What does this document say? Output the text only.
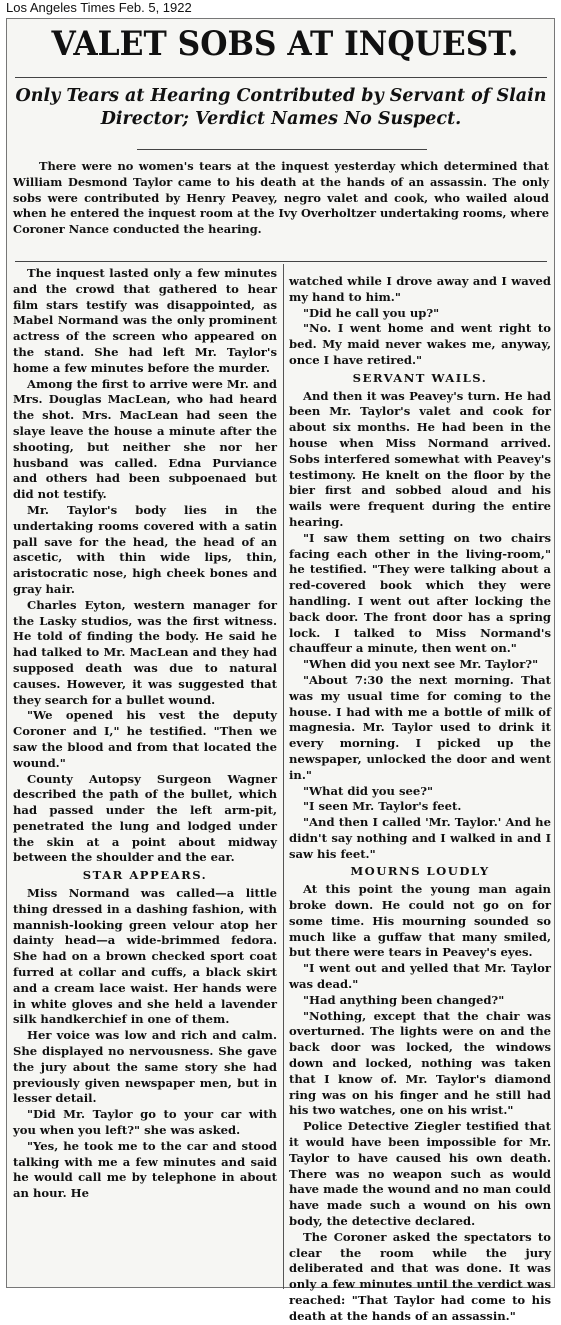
Los Angeles Times Feb. 5, 1922
VALET SOBS AT INQUEST.
Only Tears at Hearing Contributed by Servant of Slain Director; Verdict Names No Suspect.
There were no women's tears at the inquest yesterday which determined that William Desmond Taylor came to his death at the hands of an assassin. The only sobs were contributed by Henry Peavey, negro valet and cook, who wailed aloud when he entered the inquest room at the Ivy Overholtzer undertaking rooms, where Coroner Nance conducted the hearing.

The inquest lasted only a few minutes and the crowd that gathered to hear film stars testify was disappointed, as Mabel Normand was the only prominent actress of the screen who appeared on the stand. She had left Mr. Taylor's home a few minutes before the murder.

Among the first to arrive were Mr. and Mrs. Douglas MacLean, who had heard the shot. Mrs. MacLean had seen the slaye leave the house a minute after the shooting, but neither she nor her husband was called. Edna Purviance and others had been subpoenaed but did not testify.

Mr. Taylor's body lies in the undertaking rooms covered with a satin pall save for the head, the head of an ascetic, with thin wide lips, thin, aristocratic nose, high cheek bones and gray hair.

Charles Eyton, western manager for the Lasky studios, was the first witness. He told of finding the body. He said he had talked to Mr. MacLean and they had supposed death was due to natural causes. However, it was suggested that they search for a bullet wound.

"We opened his vest the deputy Coroner and I," he testified. "Then we saw the blood and from that located the wound."

County Autopsy Surgeon Wagner described the path of the bullet, which had passed under the left arm-pit, penetrated the lung and lodged under the skin at a point about midway between the shoulder and the ear.

STAR APPEARS.

Miss Normand was called—a little thing dressed in a dashing fashion, with mannish-looking green velour atop her dainty head—a wide-brimmed fedora. She had on a brown checked sport coat furred at collar and cuffs, a black skirt and a cream lace waist. Her hands were in white gloves and she held a lavender silk handkerchief in one of them.

Her voice was low and rich and calm. She displayed no nervousness. She gave the jury about the same story she had previously given newspaper men, but in lesser detail.

"Did Mr. Taylor go to your car with you when you left?" she was asked.

"Yes, he took me to the car and stood talking with me a few minutes and said he would call me by telephone in about an hour. He

watched while I drove away and I waved my hand to him."

"Did he call you up?"

"No. I went home and went right to bed. My maid never wakes me, anyway, once I have retired."

SERVANT WAILS.

And then it was Peavey's turn. He had been Mr. Taylor's valet and cook for about six months. He had been in the house when Miss Normand arrived. Sobs interfered somewhat with Peavey's testimony. He knelt on the floor by the bier first and sobbed aloud and his wails were frequent during the entire hearing.

"I saw them setting on two chairs facing each other in the living-room," he testified. "They were talking about a red-covered book which they were handling. I went out after locking the back door. The front door has a spring lock. I talked to Miss Normand's chauffeur a minute, then went on."

"When did you next see Mr. Taylor?"

"About 7:30 the next morning. That was my usual time for coming to the house. I had with me a bottle of milk of magnesia. Mr. Taylor used to drink it every morning. I picked up the newspaper, unlocked the door and went in."

"What did you see?"

"I seen Mr. Taylor's feet.

"And then I called 'Mr. Taylor.' And he didn't say nothing and I walked in and I saw his feet."

MOURNS LOUDLY

At this point the young man again broke down. He could not go on for some time. His mourning sounded so much like a guffaw that many smiled, but there were tears in Peavey's eyes.

"I went out and yelled that Mr. Taylor was dead."

"Had anything been changed?"

"Nothing, except that the chair was overturned. The lights were on and the back door was locked, the windows down and locked, nothing was taken that I know of. Mr. Taylor's diamond ring was on his finger and he still had his two watches, one on his wrist."

Police Detective Ziegler testified that it would have been impossible for Mr. Taylor to have caused his own death. There was no weapon such as would have made the wound and no man could have made such a wound on his own body, the detective declared.

The Coroner asked the spectators to clear the room while the jury deliberated and that was done. It was only a few minutes until the verdict was reached: "That Taylor had come to his death at the hands of an assassin."
